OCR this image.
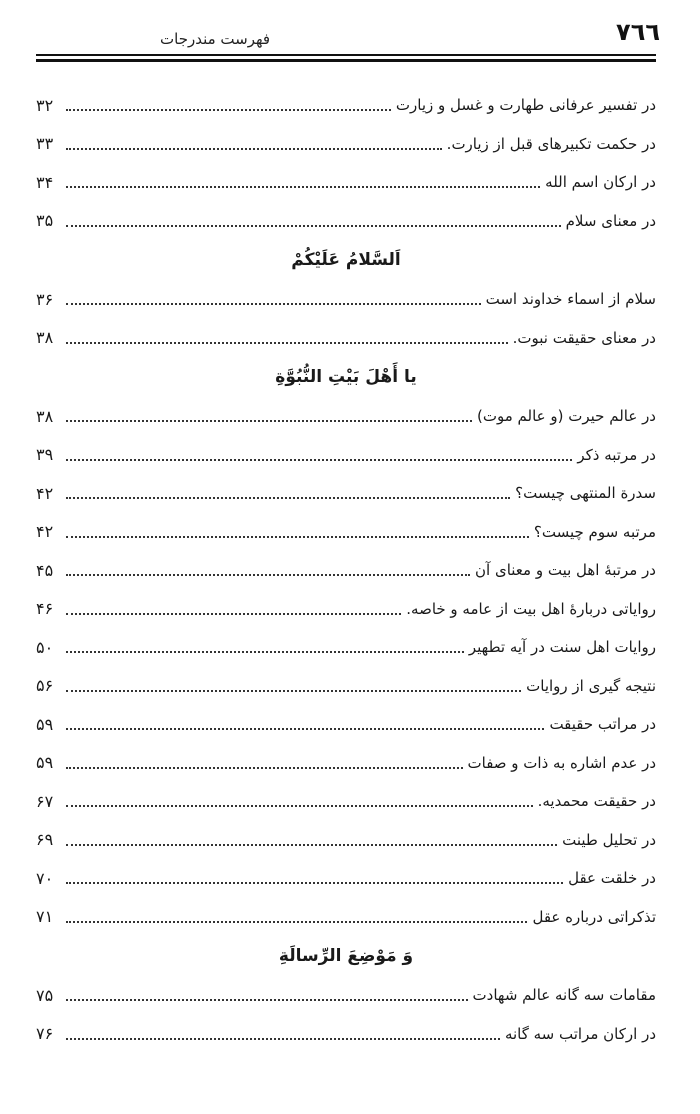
٧٦٦
فهرست مندرجات
در تفسیر عرفانی طهارت و غسل و زیارت
۳۲
در حکمت تکبیرهای قبل از زیارت.
۳۳
در ارکان اسم الله
۳۴
در معنای سلام
۳۵
اَلسَّلامُ عَلَیْکُمْ
سلام از اسماء خداوند است
۳۶
در معنای حقیقت نبوت.
۳۸
یا أَهْلَ بَیْتِ النُّبُوَّةِ
در عالم حیرت (و عالم موت)
۳۸
در مرتبه ذکر
۳۹
سدرة المنتهی چیست؟
۴۲
مرتبه سوم چیست؟
۴۲
در مرتبهٔ اهل بیت و معنای آن
۴۵
روایاتی دربارهٔ اهل بیت از عامه و خاصه.
۴۶
روایات اهل سنت در آیه تطهیر
۵۰
نتیجه گیری از روایات
۵۶
در مراتب حقیقت
۵۹
در عدم اشاره به ذات و صفات
۵۹
در حقیقت محمدیه.
۶۷
در تحلیل طینت
۶۹
در خلقت عقل
۷۰
تذکراتی درباره عقل
۷۱
وَ مَوْضِعَ الرِّسالَةِ
مقامات سه گانه عالم شهادت
۷۵
در ارکان مراتب سه گانه
۷۶
